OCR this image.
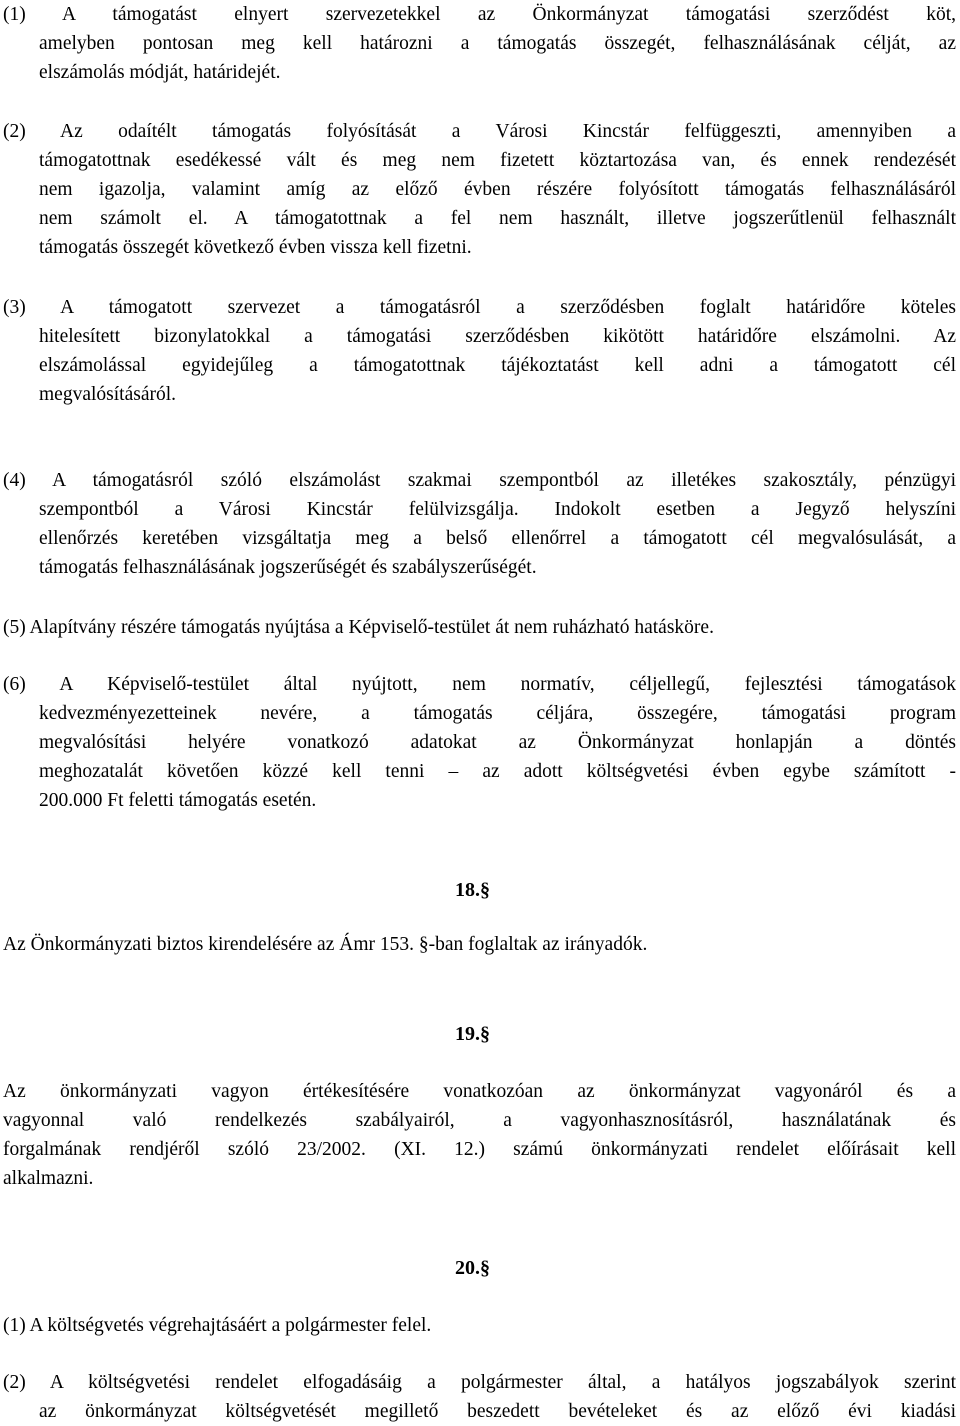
(1) A támogatást elnyert szervezetekkel az Önkormányzat támogatási szerződést köt,
amelyben pontosan meg kell határozni a támogatás összegét, felhasználásának célját, az
elszámolás módját, határidejét.
(2) Az odaítélt támogatás folyósítását a Városi Kincstár felfüggeszti, amennyiben a
támogatottnak esedékessé vált és meg nem fizetett köztartozása van, és ennek rendezését
nem igazolja, valamint amíg az előző évben részére folyósított támogatás felhasználásáról
nem számolt el. A támogatottnak a fel nem használt, illetve jogszerűtlenül felhasznált
támogatás összegét következő évben vissza kell fizetni.
(3) A támogatott szervezet a támogatásról a szerződésben foglalt határidőre köteles
hitelesített bizonylatokkal a támogatási szerződésben kikötött határidőre elszámolni. Az
elszámolással egyidejűleg a támogatottnak tájékoztatást kell adni a támogatott cél
megvalósításáról.
(4) A támogatásról szóló elszámolást szakmai szempontból az illetékes szakosztály, pénzügyi
szempontból a Városi Kincstár felülvizsgálja. Indokolt esetben a Jegyző helyszíni
ellenőrzés keretében vizsgáltatja meg a belső ellenőrrel a támogatott cél megvalósulását, a
támogatás felhasználásának jogszerűségét és szabályszerűségét.
(5) Alapítvány részére támogatás nyújtása a Képviselő-testület át nem ruházható hatásköre.
(6) A Képviselő-testület által nyújtott, nem normatív, céljellegű, fejlesztési támogatások
kedvezményezetteinek nevére, a támogatás céljára, összegére, támogatási program
megvalósítási helyére vonatkozó adatokat az Önkormányzat honlapján a döntés
meghozatalát követően közzé kell tenni – az adott költségvetési évben egybe számított -
200.000 Ft feletti támogatás esetén.
18.§
Az Önkormányzati biztos kirendelésére az Ámr 153. §-ban foglaltak az irányadók.
19.§
Az önkormányzati vagyon értékesítésére vonatkozóan az önkormányzat vagyonáról és a
vagyonnal való rendelkezés szabályairól, a vagyonhasznosításról, használatának és
forgalmának rendjéről szóló 23/2002. (XI. 12.) számú önkormányzati rendelet előírásait kell
alkalmazni.
20.§
(1) A költségvetés végrehajtásáért a polgármester felel.
(2) A költségvetési rendelet elfogadásáig a polgármester által, a hatályos jogszabályok szerint
az önkormányzat költségvetését megillető beszedett bevételeket és az előző évi kiadási
